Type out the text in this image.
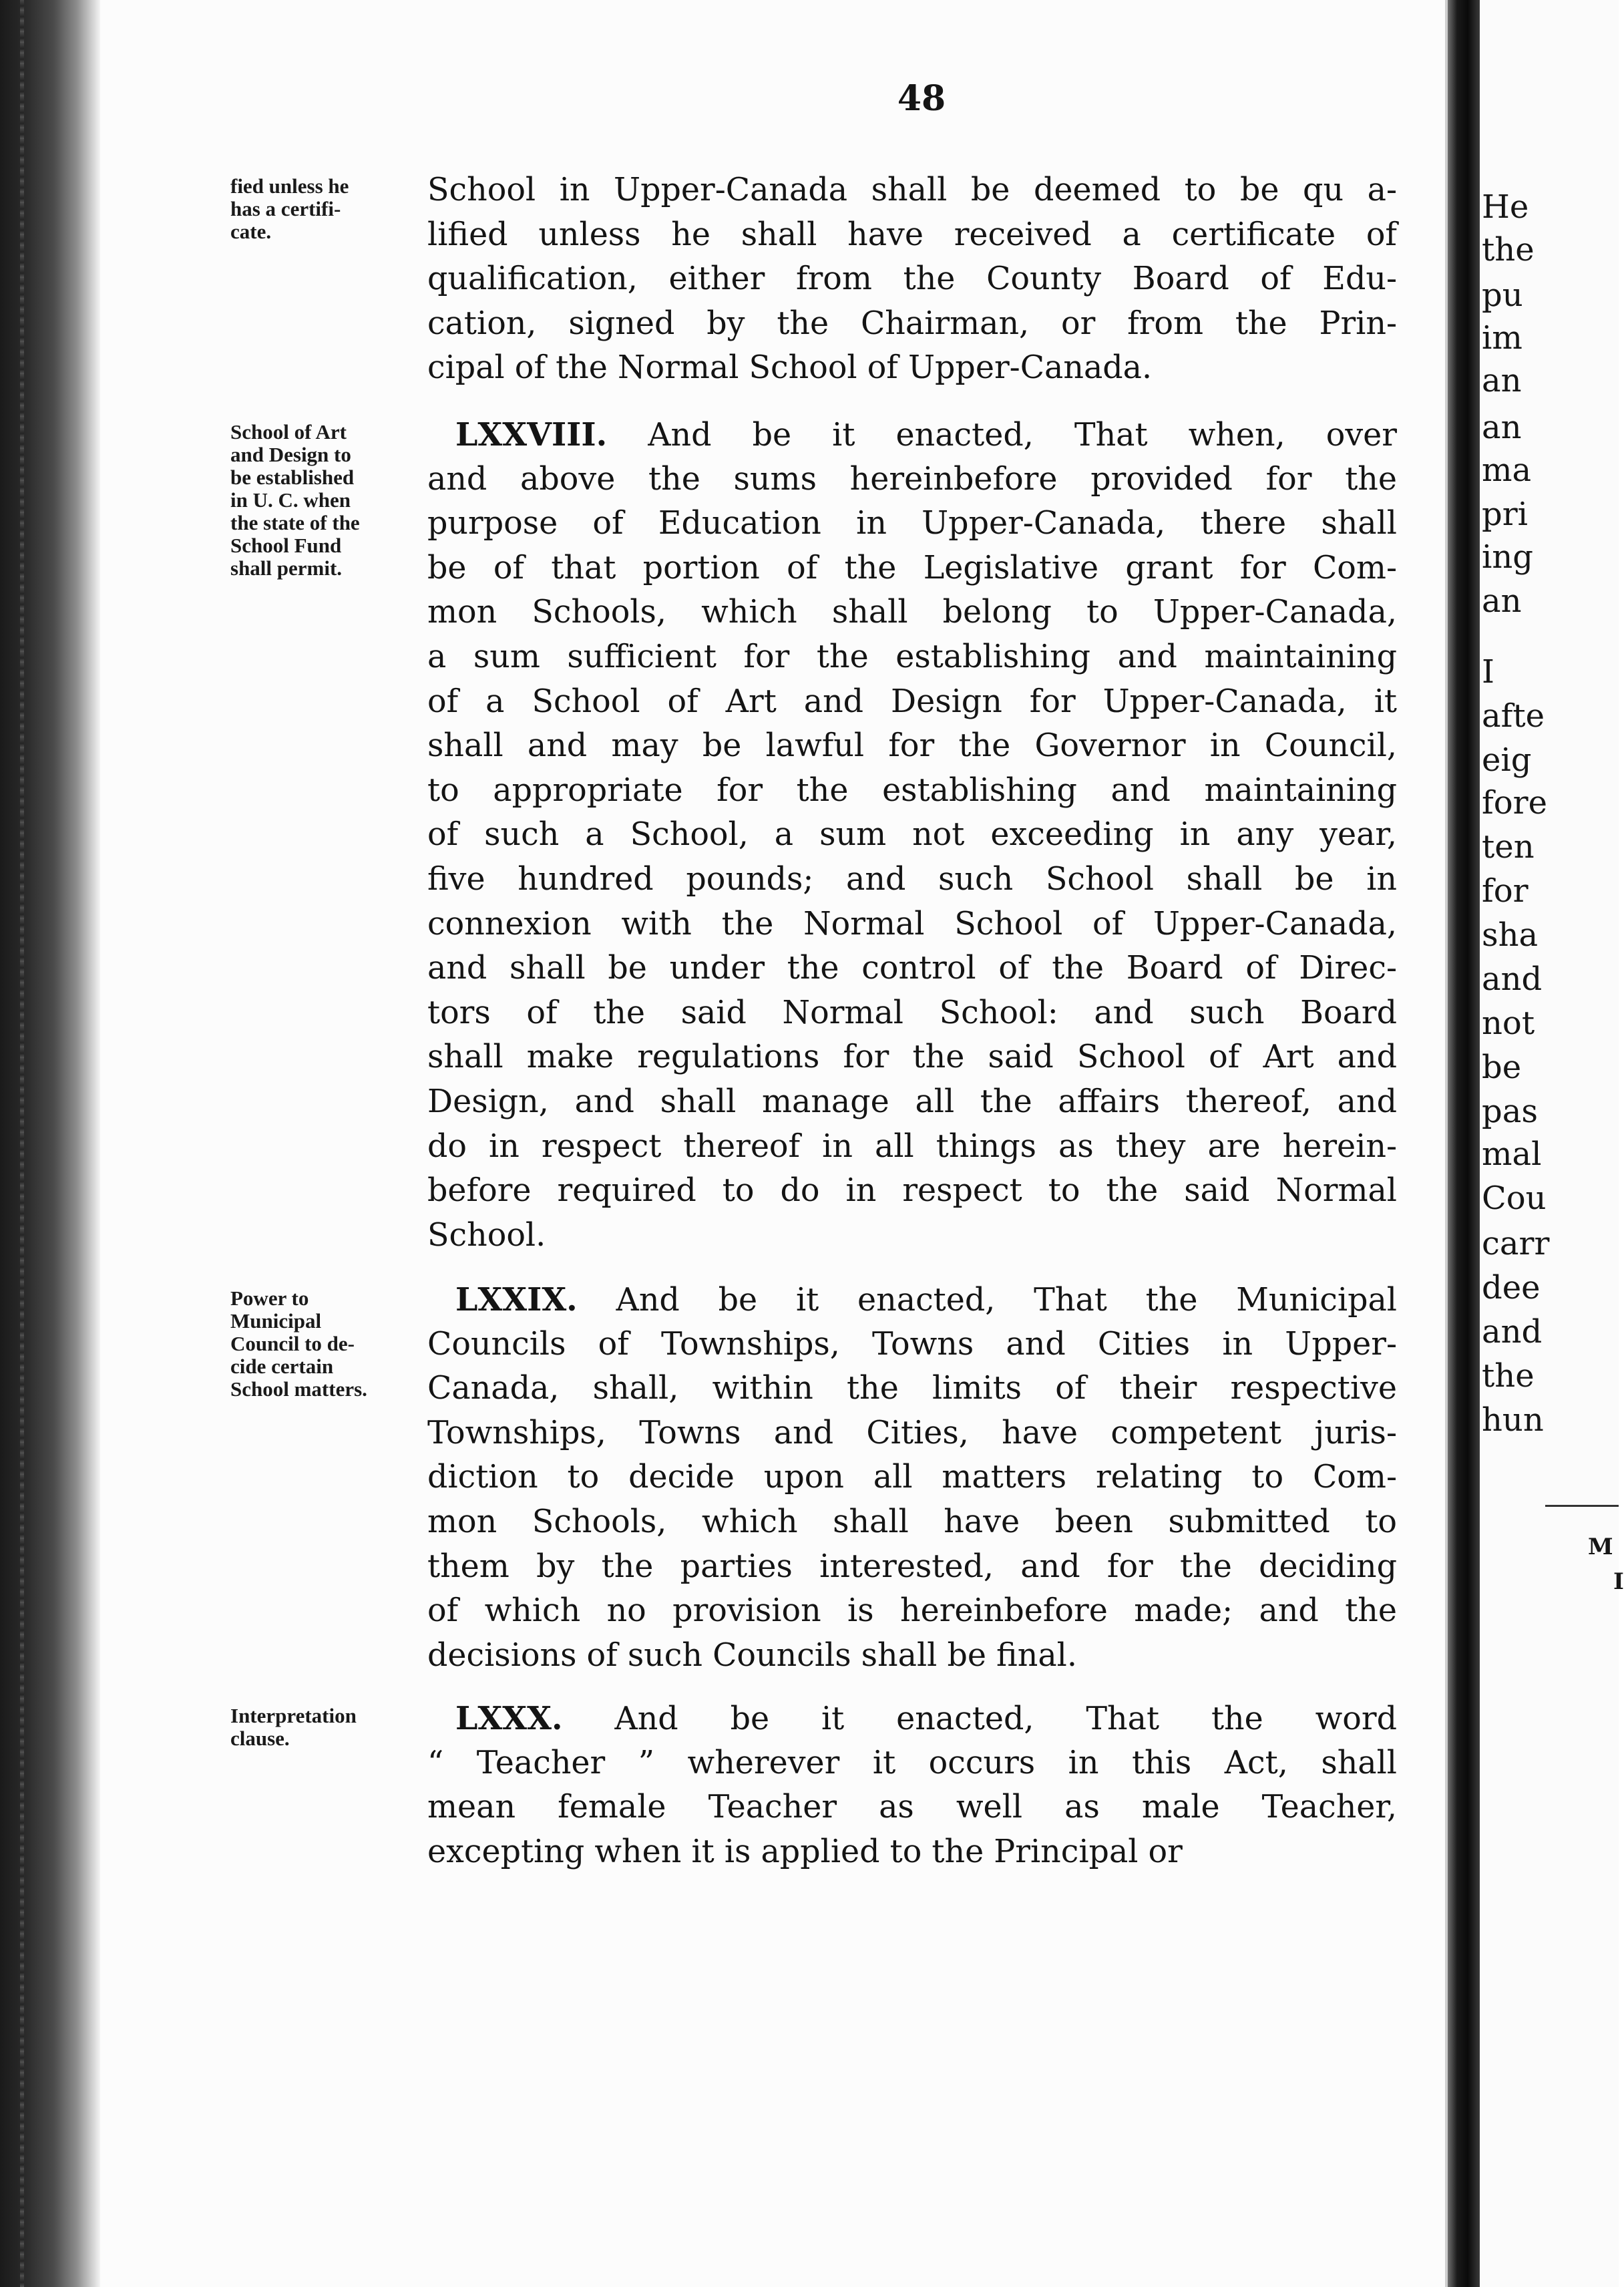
He
the
pu
im
an
an
ma
pri
ing
an
I
afte
eig
fore
ten
for
sha
and
not
be
pas
mal
Cou
carr
dee
and
the
hun
M
I
48
fied unless he
has a certifi-
cate.
School of Art
and Design to
be established
in U. C. when
the state of the
School Fund
shall permit.
Power to
Municipal
Council to de-
cide certain
School matters.
Interpretation
clause.
School in Upper-Canada shall be deemed to be qu a-
lified unless he shall have received a certificate of
qualification, either from the County Board of Edu-
cation, signed by the Chairman, or from the Prin-
cipal of the Normal School of Upper-Canada.
LXXVIII. And be it enacted, That when, over
and above the sums hereinbefore provided for the
purpose of Education in Upper-Canada, there shall
be of that portion of the Legislative grant for Com-
mon Schools, which shall belong to Upper-Canada,
a sum sufficient for the establishing and maintaining
of a School of Art and Design for Upper-Canada, it
shall and may be lawful for the Governor in Council,
to appropriate for the establishing and maintaining
of such a School, a sum not exceeding in any year,
five hundred pounds; and such School shall be in
connexion with the Normal School of Upper-Canada,
and shall be under the control of the Board of Direc-
tors of the said Normal School: and such Board
shall make regulations for the said School of Art and
Design, and shall manage all the affairs thereof, and
do in respect thereof in all things as they are herein-
before required to do in respect to the said Normal
School.
LXXIX. And be it enacted, That the Municipal
Councils of Townships, Towns and Cities in Upper-
Canada, shall, within the limits of their respective
Townships, Towns and Cities, have competent juris-
diction to decide upon all matters relating to Com-
mon Schools, which shall have been submitted to
them by the parties interested, and for the deciding
of which no provision is hereinbefore made; and the
decisions of such Councils shall be final.
LXXX. And be it enacted, That the word
“ Teacher ” wherever it occurs in this Act, shall
mean female Teacher as well as male Teacher,
excepting when it is applied to the Principal or
